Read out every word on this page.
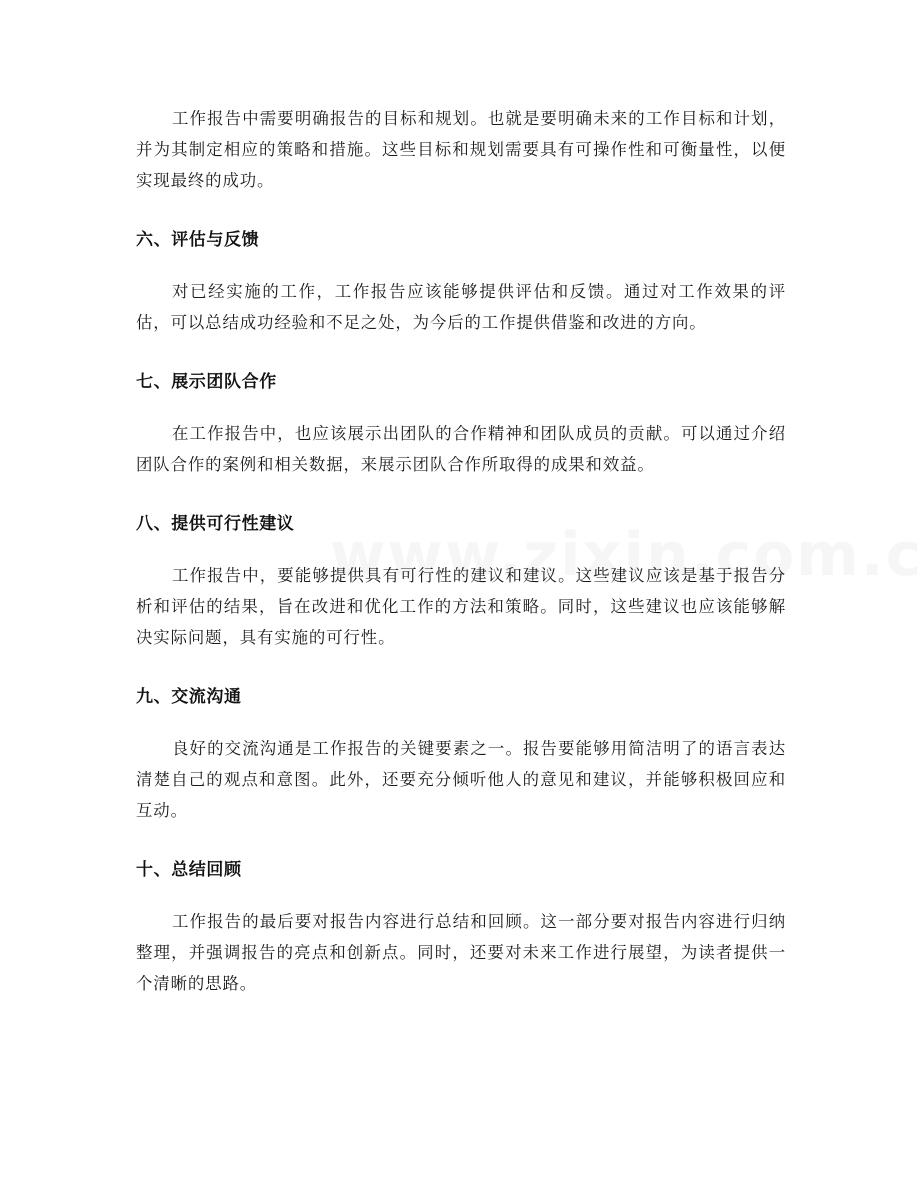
工作报告中需要明确报告的目标和规划。也就是要明确未来的工作目标和计划，并为其制定相应的策略和措施。这些目标和规划需要具有可操作性和可衡量性，以便实现最终的成功。

六、评估与反馈

对已经实施的工作，工作报告应该能够提供评估和反馈。通过对工作效果的评估，可以总结成功经验和不足之处，为今后的工作提供借鉴和改进的方向。

七、展示团队合作

在工作报告中，也应该展示出团队的合作精神和团队成员的贡献。可以通过介绍团队合作的案例和相关数据，来展示团队合作所取得的成果和效益。

八、提供可行性建议

工作报告中，要能够提供具有可行性的建议和建议。这些建议应该是基于报告分析和评估的结果，旨在改进和优化工作的方法和策略。同时，这些建议也应该能够解决实际问题，具有实施的可行性。

九、交流沟通

良好的交流沟通是工作报告的关键要素之一。报告要能够用简洁明了的语言表达清楚自己的观点和意图。此外，还要充分倾听他人的意见和建议，并能够积极回应和互动。

十、总结回顾

工作报告的最后要对报告内容进行总结和回顾。这一部分要对报告内容进行归纳整理，并强调报告的亮点和创新点。同时，还要对未来工作进行展望，为读者提供一个清晰的思路。
